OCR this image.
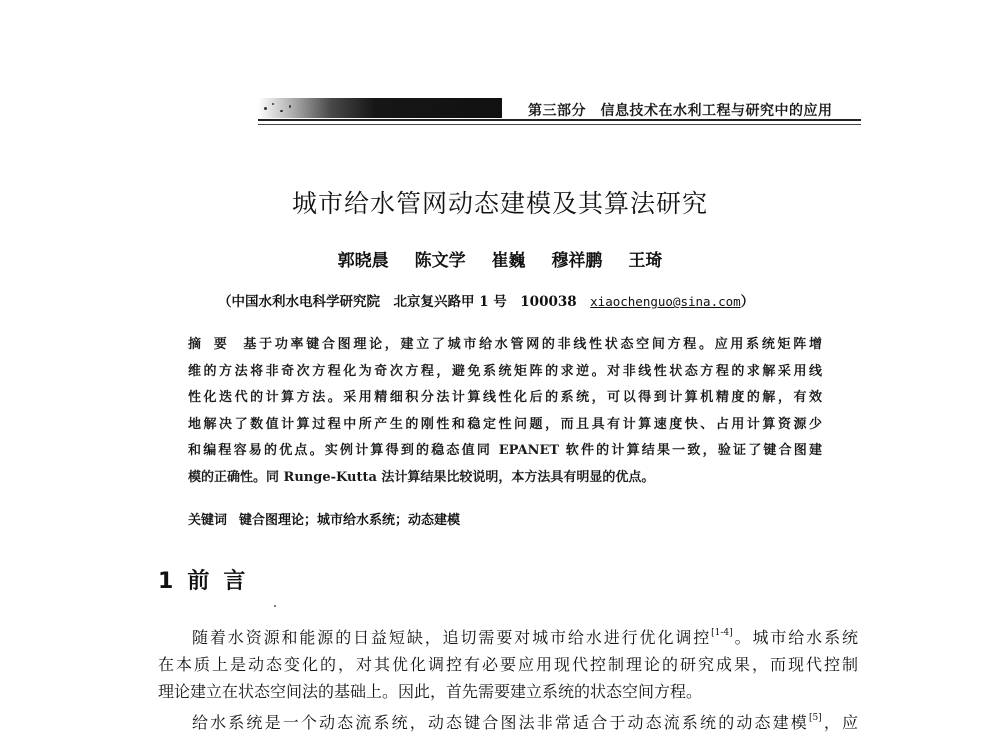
第三部分　信息技术在水利工程与研究中的应用
城市给水管网动态建模及其算法研究
郭晓晨 陈文学 崔巍 穆祥鹏 王琦
（中国水利水电科学研究院　北京复兴路甲 1 号　100038　xiaochenguo@sina.com）
摘要 基于功率键合图理论，建立了城市给水管网的非线性状态空间方程。应用系统矩阵增
维的方法将非奇次方程化为奇次方程，避免系统矩阵的求逆。对非线性状态方程的求解采用线
性化迭代的计算方法。采用精细积分法计算线性化后的系统，可以得到计算机精度的解，有效
地解决了数值计算过程中所产生的刚性和稳定性问题，而且具有计算速度快、占用计算资源少
和编程容易的优点。实例计算得到的稳态值同 EPANET 软件的计算结果一致，验证了键合图建
模的正确性。同 Runge-Kutta 法计算结果比较说明，本方法具有明显的优点。
关键词 键合图理论；城市给水系统；动态建模
1前言
随着水资源和能源的日益短缺，追切需要对城市给水进行优化调控[1-4]。城市给水系统
在本质上是动态变化的，对其优化调控有必要应用现代控制理论的研究成果，而现代控制
理论建立在状态空间法的基础上。因此，首先需要建立系统的状态空间方程。
给水系统是一个动态流系统，动态键合图法非常适合于动态流系统的动态建模[5]，应
